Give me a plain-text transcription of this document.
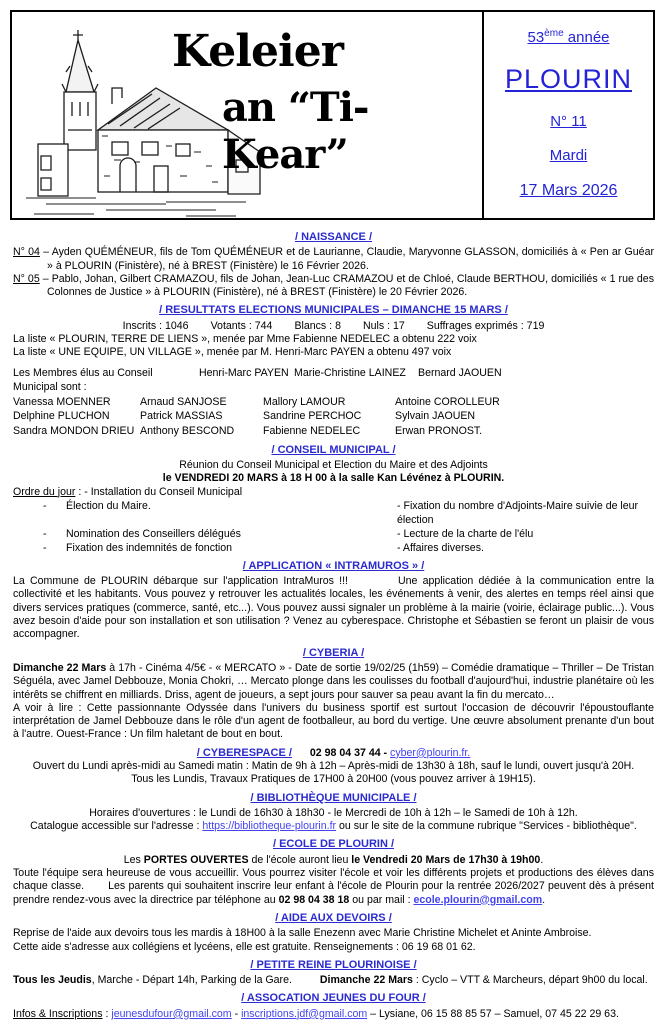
Keleier
an “Ti-Kear”
53ème année
PLOURIN
N° 11
Mardi
17 Mars 2026
/ NAISSANCE /

N° 04 – Ayden QUÉMÉNEUR, fils de Tom QUÉMÉNEUR et de Laurianne, Claudie, Maryvonne GLASSON, domiciliés à « Pen ar Guéar » à PLOURIN (Finistère), né à BREST (Finistère) le 16 Février 2026.

N° 05 – Pablo, Johan, Gilbert CRAMAZOU, fils de Johan, Jean-Luc CRAMAZOU et de Chloé, Claude BERTHOU, domiciliés « 1 rue des Colonnes de Justice » à PLOURIN (Finistère), né à BREST (Finistère) le 20 Février 2026.

/ RESULTTATS ELECTIONS MUNICIPALES – DIMANCHE 15 MARS /

Inscrits : 1046 Votants : 744 Blancs : 8 Nuls : 17 Suffrages exprimés : 719

La liste « PLOURIN, TERRE DE LIENS », menée par Mme Fabienne NEDELEC a obtenu 222 voix

La liste « UNE EQUIPE, UN VILLAGE », menée par M. Henri-Marc PAYEN a obtenu 497 voix

Les Membres élus au Conseil Municipal sont :
Henri-Marc PAYEN Marie-Christine LAINEZ	Bernard JAOUEN
Vanessa MOENNER	Arnaud SANJOSE	Mallory LAMOUR	Antoine COROLLEUR
Delphine PLUCHON	Patrick MASSIAS	Sandrine PERCHOC	Sylvain JAOUEN
Sandra MONDON DRIEU Anthony BESCOND	Fabienne NEDELEC	Erwan PRONOST.
/ CONSEIL MUNICIPAL /

Réunion du Conseil Municipal et Election du Maire et des Adjoints

le VENDREDI 20 MARS à 18 H 00 à la salle Kan Lévénez à PLOURIN.

Ordre du jour : - Installation du Conseil Municipal

-	Élection du Maire.	- Fixation du nombre d'Adjoints-Maire suivie de leur élection
-	Nomination des Conseillers délégués	- Lecture de la charte de l'élu
-	Fixation des indemnités de fonction	- Affaires diverses.
/ APPLICATION « INTRAMUROS » /

La Commune de PLOURIN débarque sur l'application IntraMuros !!!	Une application dédiée à la communication entre la collectivité et les habitants. Vous pouvez y retrouver les actualités locales, les événements à venir, des alertes en temps réel ainsi que divers services pratiques (commerce, santé, etc...). Vous pouvez aussi signaler un problème à la mairie (voirie, éclairage public...). Vous avez besoin d'aide pour son installation et son utilisation ? Venez au cyberespace. Christophe et Sébastien se feront un plaisir de vous accompagner.

/ CYBERIA /

Dimanche 22 Mars à 17h - Cinéma 4/5€ - « MERCATO » - Date de sortie 19/02/25 (1h59) – Comédie dramatique – Thriller – De Tristan Séguéla, avec Jamel Debbouze, Monia Chokri, … Mercato plonge dans les coulisses du football d'aujourd'hui, industrie planétaire où les intérêts se chiffrent en milliards. Driss, agent de joueurs, a sept jours pour sauver sa peau avant la fin du mercato…

A voir à lire : Cette passionnante Odyssée dans l'univers du business sportif est surtout l'occasion de découvrir l'époustouflante interprétation de Jamel Debbouze dans le rôle d'un agent de footballeur, au bord du vertige. Une œuvre absolument prenante d'un bout à l'autre. Ouest-France : Un film haletant de bout en bout.

/ CYBERESPACE / 02 98 04 37 44 - cyber@plourin.fr.

Ouvert du Lundi après-midi au Samedi matin : Matin de 9h à 12h – Après-midi de 13h30 à 18h, sauf le lundi, ouvert jusqu'à 20H.

Tous les Lundis, Travaux Pratiques de 17H00 à 20H00 (vous pouvez arriver à 19H15).

/ BIBLIOTHÈQUE MUNICIPALE /

Horaires d'ouvertures : le Lundi de 16h30 à 18h30 - le Mercredi de 10h à 12h – le Samedi de 10h à 12h.

Catalogue accessible sur l'adresse : https://bibliotheque-plourin.fr ou sur le site de la commune rubrique "Services - bibliothèque".

/ ECOLE DE PLOURIN /

Les PORTES OUVERTES de l'école auront lieu le Vendredi 20 Mars de 17h30 à 19h00.

Toute l'équipe sera heureuse de vous accueillir. Vous pourrez visiter l'école et voir les différents projets et productions des élèves dans chaque classe. Les parents qui souhaitent inscrire leur enfant à l'école de Plourin pour la rentrée 2026/2027 peuvent dès à présent prendre rendez-vous avec la directrice par téléphone au 02 98 04 38 18 ou par mail : ecole.plourin@gmail.com.

/ AIDE AUX DEVOIRS /

Reprise de l'aide aux devoirs tous les mardis à 18H00 à la salle Enezenn avec Marie Christine Michelet et Aninte Ambroise.

Cette aide s'adresse aux collégiens et lycéens, elle est gratuite. Renseignements : 06 19 68 01 62.

/ PETITE REINE PLOURINOISE /

Tous les Jeudis, Marche - Départ 14h, Parking de la Gare.	Dimanche 22 Mars : Cyclo – VTT & Marcheurs, départ 9h00 du local.

/ ASSOCATION JEUNES DU FOUR /

Infos & Inscriptions : jeunesdufour@gmail.com - inscriptions.jdf@gmail.com – Lysiane, 06 15 88 85 57 – Samuel, 07 45 22 29 63.
